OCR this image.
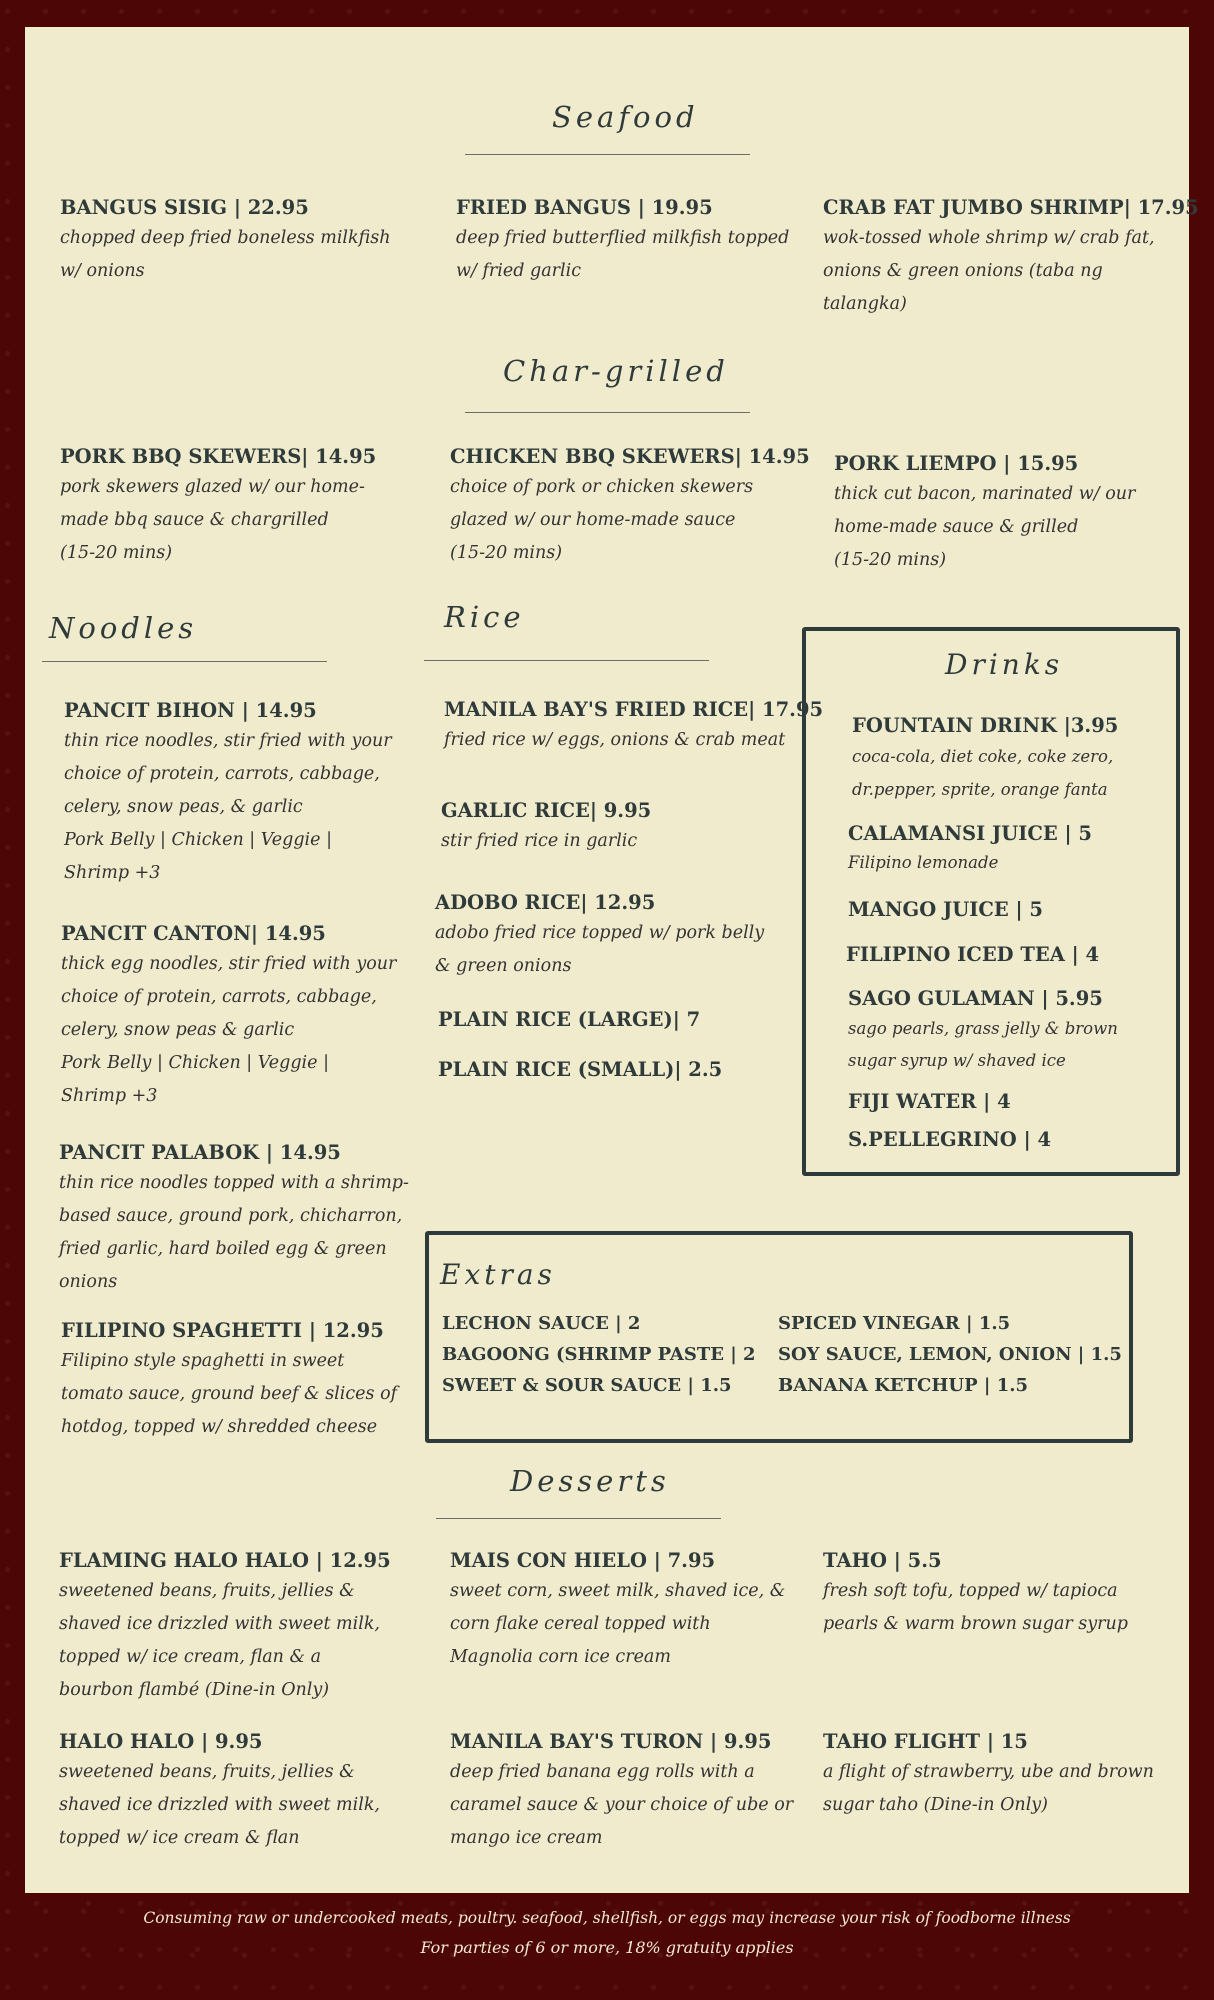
Seafood
Char-grilled
Noodles	Rice
Desserts
BANGUS SISIG | 22.95
chopped deep fried boneless milkfish
w/ onions
FRIED BANGUS | 19.95
deep fried butterflied milkfish topped
w/ fried garlic
CRAB FAT JUMBO SHRIMP| 17.95
wok-tossed whole shrimp w/ crab fat,
onions & green onions (taba ng
talangka)
PORK BBQ SKEWERS| 14.95
pork skewers glazed w/ our home-
made bbq sauce & chargrilled
(15-20 mins)
CHICKEN BBQ SKEWERS| 14.95
choice of pork or chicken skewers
glazed w/ our home-made sauce
(15-20 mins)
PORK LIEMPO | 15.95
thick cut bacon, marinated w/ our
home-made sauce & grilled
(15-20 mins)
PANCIT BIHON | 14.95
thin rice noodles, stir fried with your
choice of protein, carrots, cabbage,
celery, snow peas, & garlic
Pork Belly | Chicken | Veggie |
Shrimp +3
PANCIT CANTON| 14.95
thick egg noodles, stir fried with your
choice of protein, carrots, cabbage,
celery, snow peas & garlic
Pork Belly | Chicken | Veggie |
Shrimp +3
PANCIT PALABOK | 14.95
thin rice noodles topped with a shrimp-
based sauce, ground pork, chicharron,
fried garlic, hard boiled egg & green
onions
FILIPINO SPAGHETTI | 12.95
Filipino style spaghetti in sweet
tomato sauce, ground beef & slices of
hotdog, topped w/ shredded cheese
MANILA BAY'S FRIED RICE| 17.95
fried rice w/ eggs, onions & crab meat
GARLIC RICE| 9.95
stir fried rice in garlic
ADOBO RICE| 12.95
adobo fried rice topped w/ pork belly
& green onions
PLAIN RICE (LARGE)| 7
PLAIN RICE (SMALL)| 2.5
Drinks
FOUNTAIN DRINK |3.95
coca-cola, diet coke, coke zero,
dr.pepper, sprite, orange fanta
CALAMANSI JUICE | 5
Filipino lemonade
MANGO JUICE | 5
FILIPINO ICED TEA | 4
SAGO GULAMAN | 5.95
sago pearls, grass jelly & brown
sugar syrup w/ shaved ice
FIJI WATER | 4
S.PELLEGRINO | 4
Extras
LECHON SAUCE | 2
BAGOONG (SHRIMP PASTE | 2
SWEET & SOUR SAUCE | 1.5
SPICED VINEGAR | 1.5
SOY SAUCE, LEMON, ONION | 1.5
BANANA KETCHUP | 1.5
FLAMING HALO HALO | 12.95
sweetened beans, fruits, jellies &
shaved ice drizzled with sweet milk,
topped w/ ice cream, flan & a
bourbon flambé (Dine-in Only)
MAIS CON HIELO | 7.95
sweet corn, sweet milk, shaved ice, &
corn flake cereal topped with
Magnolia corn ice cream
TAHO | 5.5
fresh soft tofu, topped w/ tapioca
pearls & warm brown sugar syrup
HALO HALO | 9.95
sweetened beans, fruits, jellies &
shaved ice drizzled with sweet milk,
topped w/ ice cream & flan
MANILA BAY'S TURON | 9.95
deep fried banana egg rolls with a
caramel sauce & your choice of ube or
mango ice cream
TAHO FLIGHT | 15
a flight of strawberry, ube and brown
sugar taho (Dine-in Only)
Consuming raw or undercooked meats, poultry. seafood, shellfish, or eggs may increase your risk of foodborne illness
For parties of 6 or more, 18% gratuity applies
